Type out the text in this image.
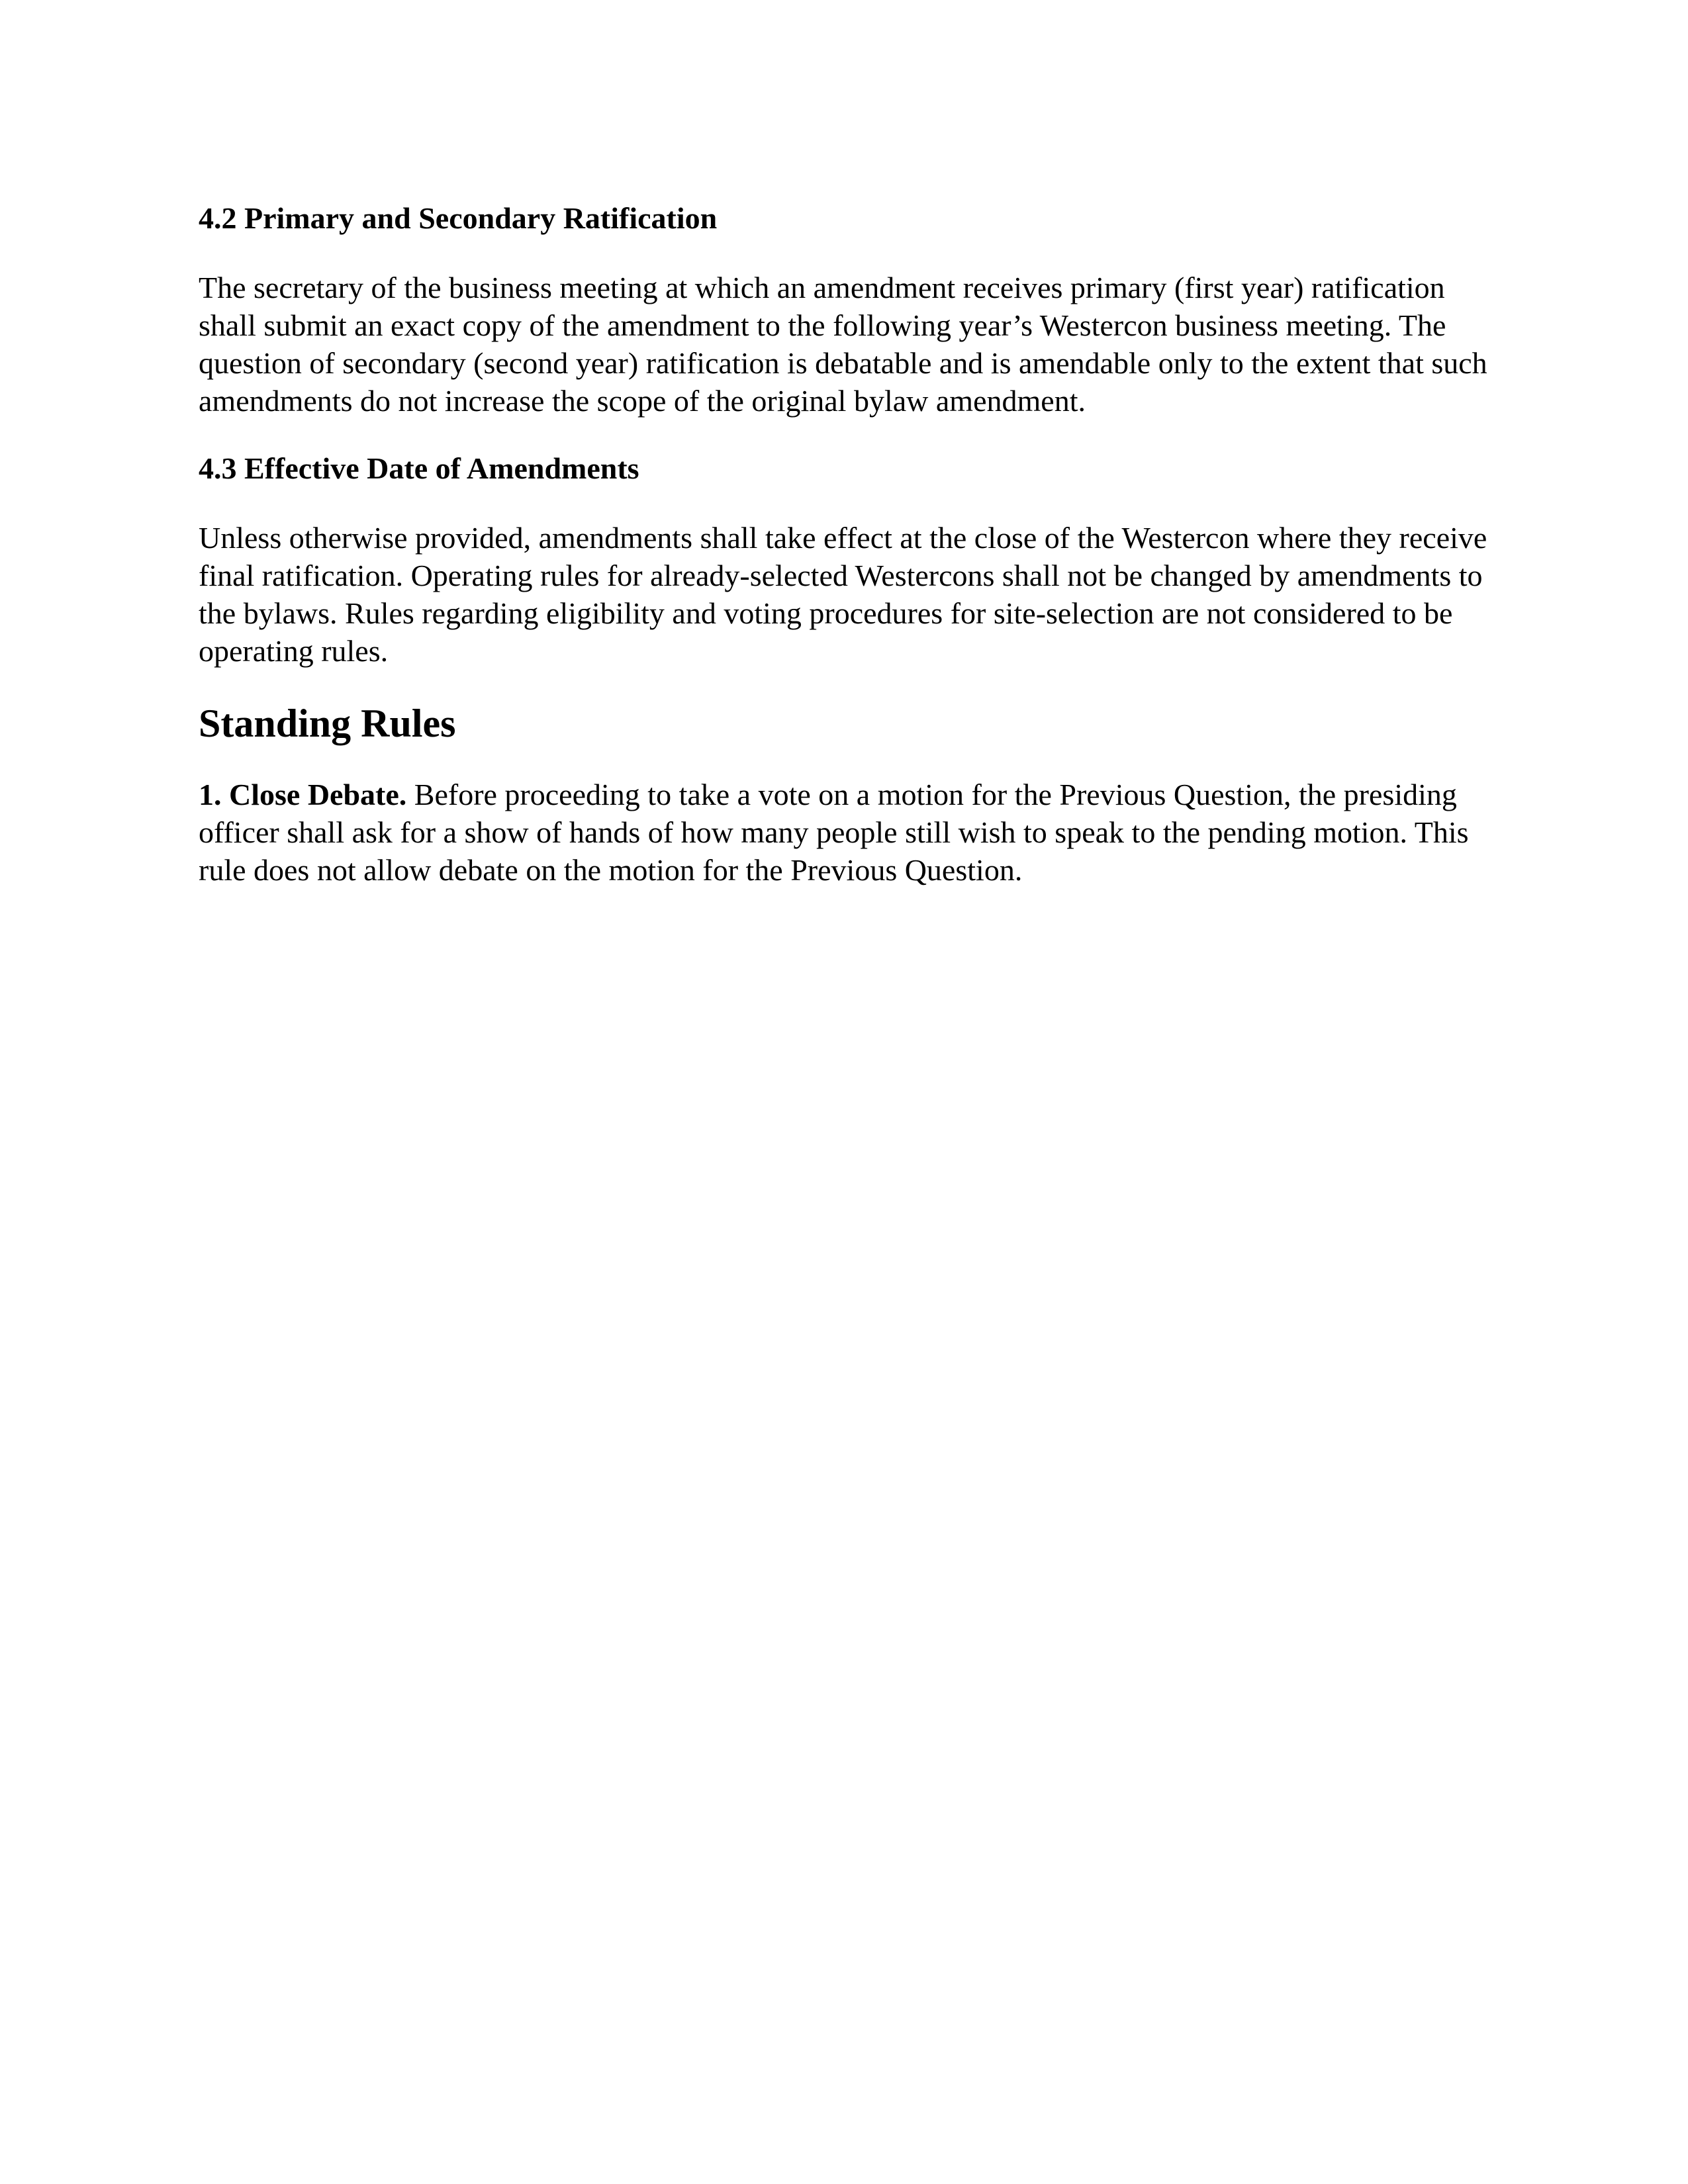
4.2 Primary and Secondary Ratification

The secretary of the business meeting at which an amendment receives primary (first year) ratification shall submit an exact copy of the amendment to the following year’s Westercon business meeting. The question of secondary (second year) ratification is debatable and is amendable only to the extent that such amendments do not increase the scope of the original bylaw amendment.

4.3 Effective Date of Amendments

Unless otherwise provided, amendments shall take effect at the close of the Westercon where they receive final ratification. Operating rules for already-selected Westercons shall not be changed by amendments to the bylaws. Rules regarding eligibility and voting procedures for site-selection are not considered to be operating rules.

Standing Rules

1. Close Debate. Before proceeding to take a vote on a motion for the Previous Question, the presiding officer shall ask for a show of hands of how many people still wish to speak to the pending motion. This rule does not allow debate on the motion for the Previous Question.
